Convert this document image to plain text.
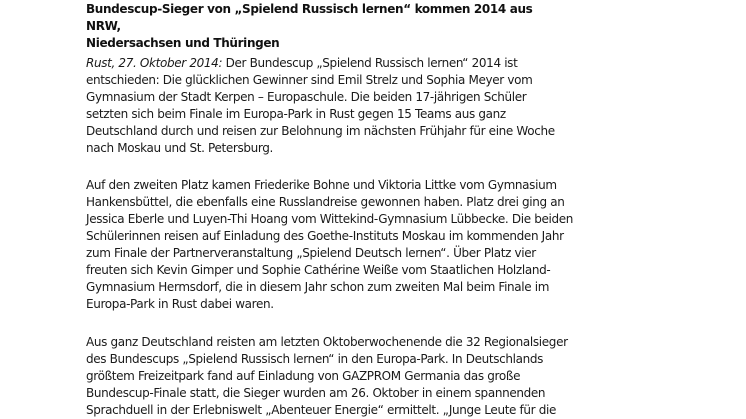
Bundescup-Sieger von „Spielend Russisch lernen“ kommen 2014 aus NRW,
Niedersachsen und Thüringen

Rust, 27. Oktober 2014: Der Bundescup „Spielend Russisch lernen“ 2014 ist
entschieden: Die glücklichen Gewinner sind Emil Strelz und Sophia Meyer vom
Gymnasium der Stadt Kerpen – Europaschule. Die beiden 17-jährigen Schüler
setzten sich beim Finale im Europa-Park in Rust gegen 15 Teams aus ganz
Deutschland durch und reisen zur Belohnung im nächsten Frühjahr für eine Woche
nach Moskau und St. Petersburg.

Auf den zweiten Platz kamen Friederike Bohne und Viktoria Littke vom Gymnasium
Hankensbüttel, die ebenfalls eine Russlandreise gewonnen haben. Platz drei ging an
Jessica Eberle und Luyen-Thi Hoang vom Wittekind-Gymnasium Lübbecke. Die beiden
Schülerinnen reisen auf Einladung des Goethe-Instituts Moskau im kommenden Jahr
zum Finale der Partnerveranstaltung „Spielend Deutsch lernen“. Über Platz vier
freuten sich Kevin Gimper und Sophie Cathérine Weiße vom Staatlichen Holzland-
Gymnasium Hermsdorf, die in diesem Jahr schon zum zweiten Mal beim Finale im
Europa-Park in Rust dabei waren.

Aus ganz Deutschland reisten am letzten Oktoberwochenende die 32 Regionalsieger
des Bundescups „Spielend Russisch lernen“ in den Europa-Park. In Deutschlands
größtem Freizeitpark fand auf Einladung von GAZPROM Germania das große
Bundescup-Finale statt, die Sieger wurden am 26. Oktober in einem spannenden
Sprachduell in der Erlebniswelt „Abenteuer Energie“ ermittelt. „Junge Leute für die
